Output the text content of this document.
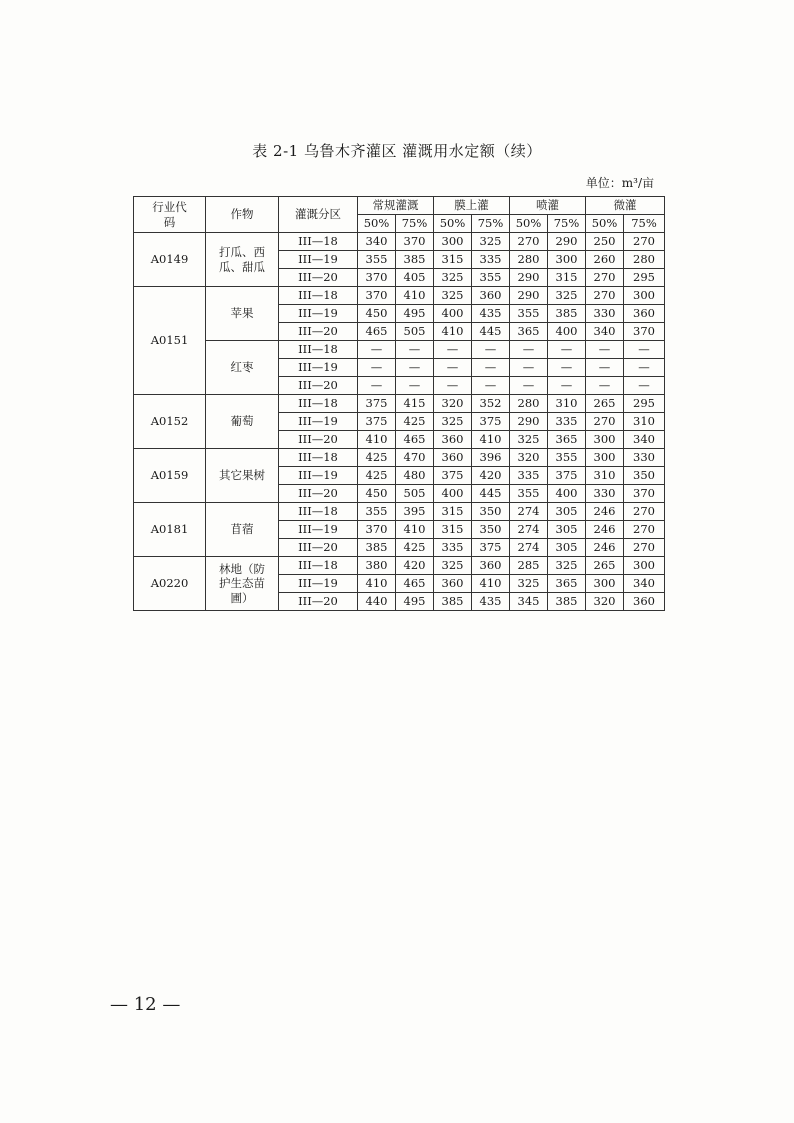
表 2-1 乌鲁木齐灌区 灌溉用水定额（续）
单位：m³/亩
行业代码	作物	灌溉分区	常规灌溉		膜上灌		喷灌		微灌	
			50%	75%	50%	75%	50%	75%	50%	75%
A0149	打瓜、西瓜、甜瓜	III—18	340	370	300	325	270	290	250	270
		III—19	355	385	315	335	280	300	260	280
		III—20	370	405	325	355	290	315	270	295
A0151	苹果	III—18	370	410	325	360	290	325	270	300
		III—19	450	495	400	435	355	385	330	360
		III—20	465	505	410	445	365	400	340	370
	红枣	III—18	—	—	—	—	—	—	—	—
		III—19	—	—	—	—	—	—	—	—
		III—20	—	—	—	—	—	—	—	—
A0152	葡萄	III—18	375	415	320	352	280	310	265	295
		III—19	375	425	325	375	290	335	270	310
		III—20	410	465	360	410	325	365	300	340
A0159	其它果树	III—18	425	470	360	396	320	355	300	330
		III—19	425	480	375	420	335	375	310	350
		III—20	450	505	400	445	355	400	330	370
A0181	苜蓿	III—18	355	395	315	350	274	305	246	270
		III—19	370	410	315	350	274	305	246	270
		III—20	385	425	335	375	274	305	246	270
A0220	林地（防护生态苗圃）	III—18	380	420	325	360	285	325	265	300
		III—19	410	465	360	410	325	365	300	340
		III—20	440	495	385	435	345	385	320	360
— 12 —
